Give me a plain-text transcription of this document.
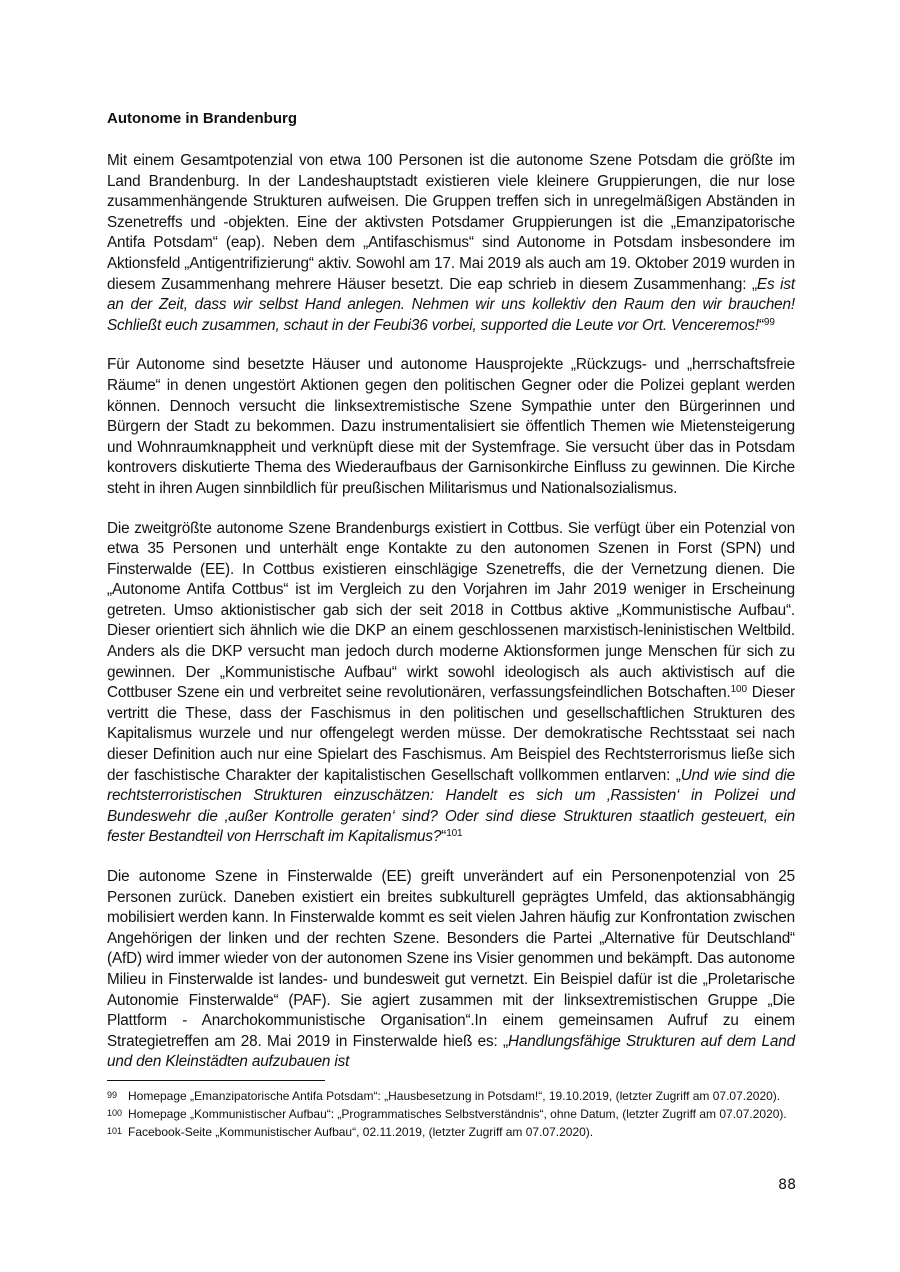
Autonome in Brandenburg

Mit einem Gesamtpotenzial von etwa 100 Personen ist die autonome Szene Potsdam die größte im Land Brandenburg. In der Landeshauptstadt existieren viele kleinere Gruppierungen, die nur lose zusammenhängende Strukturen aufweisen. Die Gruppen treffen sich in unregelmäßigen Abständen in Szenetreffs und -objekten. Eine der aktivsten Potsdamer Gruppierungen ist die „Emanzipatorische Antifa Potsdam“ (eap). Neben dem „Antifaschismus“ sind Autonome in Potsdam insbesondere im Aktionsfeld „Antigentrifizierung“ aktiv. Sowohl am 17. Mai 2019 als auch am 19. Oktober 2019 wurden in diesem Zusammenhang mehrere Häuser besetzt. Die eap schrieb in diesem Zusammenhang: „Es ist an der Zeit, dass wir selbst Hand anlegen. Nehmen wir uns kollektiv den Raum den wir brauchen! Schließt euch zusammen, schaut in der Feubi36 vorbei, supported die Leute vor Ort. Venceremos!“$^{99}$

Für Autonome sind besetzte Häuser und autonome Hausprojekte „Rückzugs- und „herrschaftsfreie Räume“ in denen ungestört Aktionen gegen den politischen Gegner oder die Polizei geplant werden können. Dennoch versucht die linksextremistische Szene Sympathie unter den Bürgerinnen und Bürgern der Stadt zu bekommen. Dazu instrumentalisiert sie öffentlich Themen wie Mietensteigerung und Wohnraumknappheit und verknüpft diese mit der Systemfrage. Sie versucht über das in Potsdam kontrovers diskutierte Thema des Wiederaufbaus der Garnisonkirche Einfluss zu gewinnen. Die Kirche steht in ihren Augen sinnbildlich für preußischen Militarismus und Nationalsozialismus.

Die zweitgrößte autonome Szene Brandenburgs existiert in Cottbus. Sie verfügt über ein Potenzial von etwa 35 Personen und unterhält enge Kontakte zu den autonomen Szenen in Forst (SPN) und Finsterwalde (EE). In Cottbus existieren einschlägige Szenetreffs, die der Vernetzung dienen. Die „Autonome Antifa Cottbus“ ist im Vergleich zu den Vorjahren im Jahr 2019 weniger in Erscheinung getreten. Umso aktionistischer gab sich der seit 2018 in Cottbus aktive „Kommunistische Aufbau“. Dieser orientiert sich ähnlich wie die DKP an einem geschlossenen marxistisch-leninistischen Weltbild. Anders als die DKP versucht man jedoch durch moderne Aktionsformen junge Menschen für sich zu gewinnen. Der „Kommunistische Aufbau“ wirkt sowohl ideologisch als auch aktivistisch auf die Cottbuser Szene ein und verbreitet seine revolutionären, verfassungsfeindlichen Botschaften.$^{100}$ Dieser vertritt die These, dass der Faschismus in den politischen und gesellschaftlichen Strukturen des Kapitalismus wurzele und nur offengelegt werden müsse. Der demokratische Rechtsstaat sei nach dieser Definition auch nur eine Spielart des Faschismus. Am Beispiel des Rechtsterrorismus ließe sich der faschistische Charakter der kapitalistischen Gesellschaft vollkommen entlarven: „Und wie sind die rechtsterroristischen Strukturen einzuschätzen: Handelt es sich um ‚Rassisten‘ in Polizei und Bundeswehr die ‚außer Kontrolle geraten‘ sind? Oder sind diese Strukturen staatlich gesteuert, ein fester Bestandteil von Herrschaft im Kapitalismus?“$^{101}$

Die autonome Szene in Finsterwalde (EE) greift unverändert auf ein Personenpotenzial von 25 Personen zurück. Daneben existiert ein breites subkulturell geprägtes Umfeld, das aktionsabhängig mobilisiert werden kann. In Finsterwalde kommt es seit vielen Jahren häufig zur Konfrontation zwischen Angehörigen der linken und der rechten Szene. Besonders die Partei „Alternative für Deutschland“ (AfD) wird immer wieder von der autonomen Szene ins Visier genommen und bekämpft. Das autonome Milieu in Finsterwalde ist landes- und bundesweit gut vernetzt. Ein Beispiel dafür ist die „Proletarische Autonomie Finsterwalde“ (PAF). Sie agiert zusammen mit der linksextremistischen Gruppe „Die Plattform - Anarchokommunistische Organisation“.In einem gemeinsamen Aufruf zu einem Strategietreffen am 28. Mai 2019 in Finsterwalde hieß es: „Handlungsfähige Strukturen auf dem Land und den Kleinstädten aufzubauen ist

99 Homepage „Emanzipatorische Antifa Potsdam“: „Hausbesetzung in Potsdam!“, 19.10.2019, (letzter Zugriff am 07.07.2020).
100 Homepage „Kommunistischer Aufbau“: „Programmatisches Selbstverständnis“, ohne Datum, (letzter Zugriff am 07.07.2020).
101 Facebook-Seite „Kommunistischer Aufbau“, 02.11.2019, (letzter Zugriff am 07.07.2020).
88
